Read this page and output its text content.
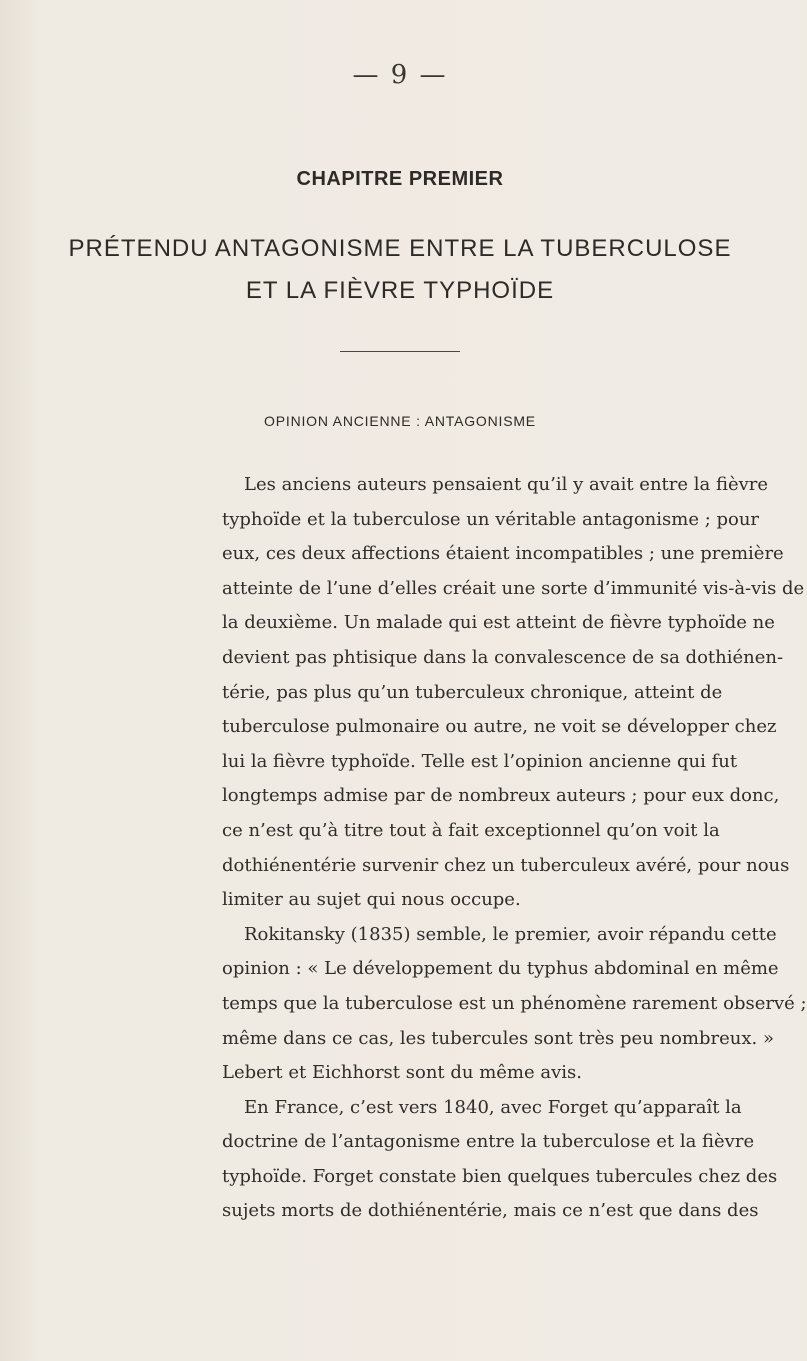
— 9 —
CHAPITRE PREMIER
PRÉTENDU ANTAGONISME ENTRE LA TUBERCULOSE
ET LA FIÈVRE TYPHOÏDE
OPINION ANCIENNE : ANTAGONISME
Les anciens auteurs pensaient qu’il y avait entre la fièvre
typhoïde et la tuberculose un véritable antagonisme ; pour
eux, ces deux affections étaient incompatibles ; une première
atteinte de l’une d’elles créait une sorte d’immunité vis-à-vis de
la deuxième. Un malade qui est atteint de fièvre typhoïde ne
devient pas phtisique dans la convalescence de sa dothiénen-
térie, pas plus qu’un tuberculeux chronique, atteint de
tuberculose pulmonaire ou autre, ne voit se développer chez
lui la fièvre typhoïde. Telle est l’opinion ancienne qui fut
longtemps admise par de nombreux auteurs ; pour eux donc,
ce n’est qu’à titre tout à fait exceptionnel qu’on voit la
dothiénentérie survenir chez un tuberculeux avéré, pour nous
limiter au sujet qui nous occupe.
Rokitansky (1835) semble, le premier, avoir répandu cette
opinion : « Le développement du typhus abdominal en même
temps que la tuberculose est un phénomène rarement observé ;
même dans ce cas, les tubercules sont très peu nombreux. »
Lebert et Eichhorst sont du même avis.
En France, c’est vers 1840, avec Forget qu’apparaît la
doctrine de l’antagonisme entre la tuberculose et la fièvre
typhoïde. Forget constate bien quelques tubercules chez des
sujets morts de dothiénentérie, mais ce n’est que dans des
